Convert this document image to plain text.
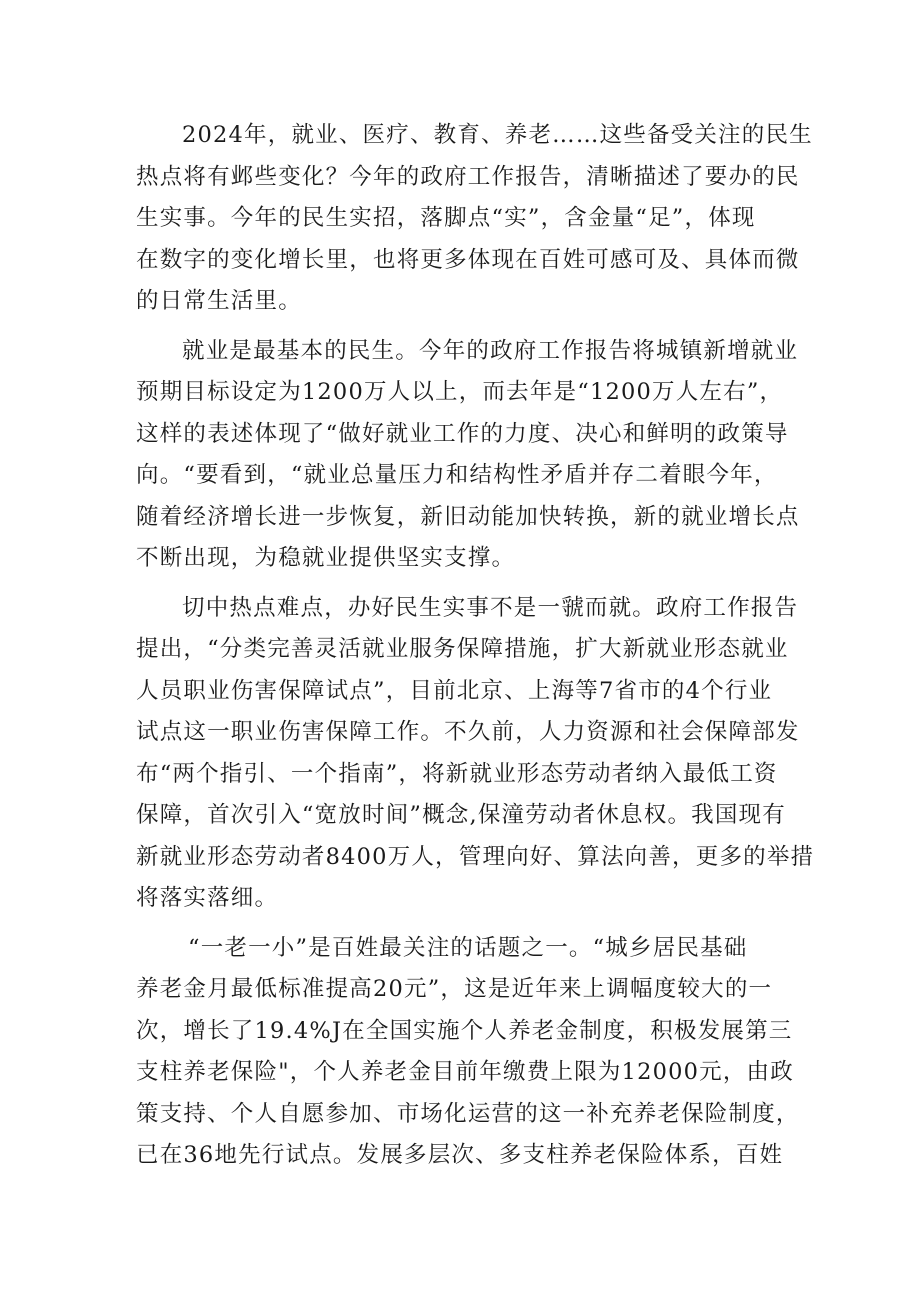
2024年，就业、医疗、教育、养老……这些备受关注的民生
热点将有邺些变化？今年的政府工作报告，清晰描述了要办的民
生实事。今年的民生实招，落脚点“实”，含金量“足”，体现
在数字的变化增长里，也将更多体现在百姓可感可及、具体而微
的日常生活里。

就业是最基本的民生。今年的政府工作报告将城镇新增就业
预期目标设定为1200万人以上，而去年是“1200万人左右”，
这样的表述体现了“做好就业工作的力度、决心和鲜明的政策导
向。“要看到，“就业总量压力和结构性矛盾并存二着眼今年，
随着经济增长进一步恢复，新旧动能加快转换，新的就业增长点
不断出现，为稳就业提供坚实支撑。

切中热点难点，办好民生实事不是一虢而就。政府工作报告
提出，“分类完善灵活就业服务保障措施，扩大新就业形态就业
人员职业伤害保障试点”，目前北京、上海等7省市的4个行业
试点这一职业伤害保障工作。不久前，人力资源和社会保障部发
布“两个指引、一个指南”，将新就业形态劳动者纳入最低工资
保障，首次引入“宽放时间”概念,保潼劳动者休息权。我国现有
新就业形态劳动者8400万人，管理向好、算法向善，更多的举措
将落实落细。

“一老一小”是百姓最关注的话题之一。“城乡居民基础
养老金月最低标准提高20元”，这是近年来上调幅度较大的一
次，增长了19.4%J在全国实施个人养老金制度，积极发展第三
支柱养老保险"，个人养老金目前年缴费上限为12000元，由政
策支持、个人自愿参加、市场化运营的这一补充养老保险制度，
已在36地先行试点。发展多层次、多支柱养老保险体系，百姓
